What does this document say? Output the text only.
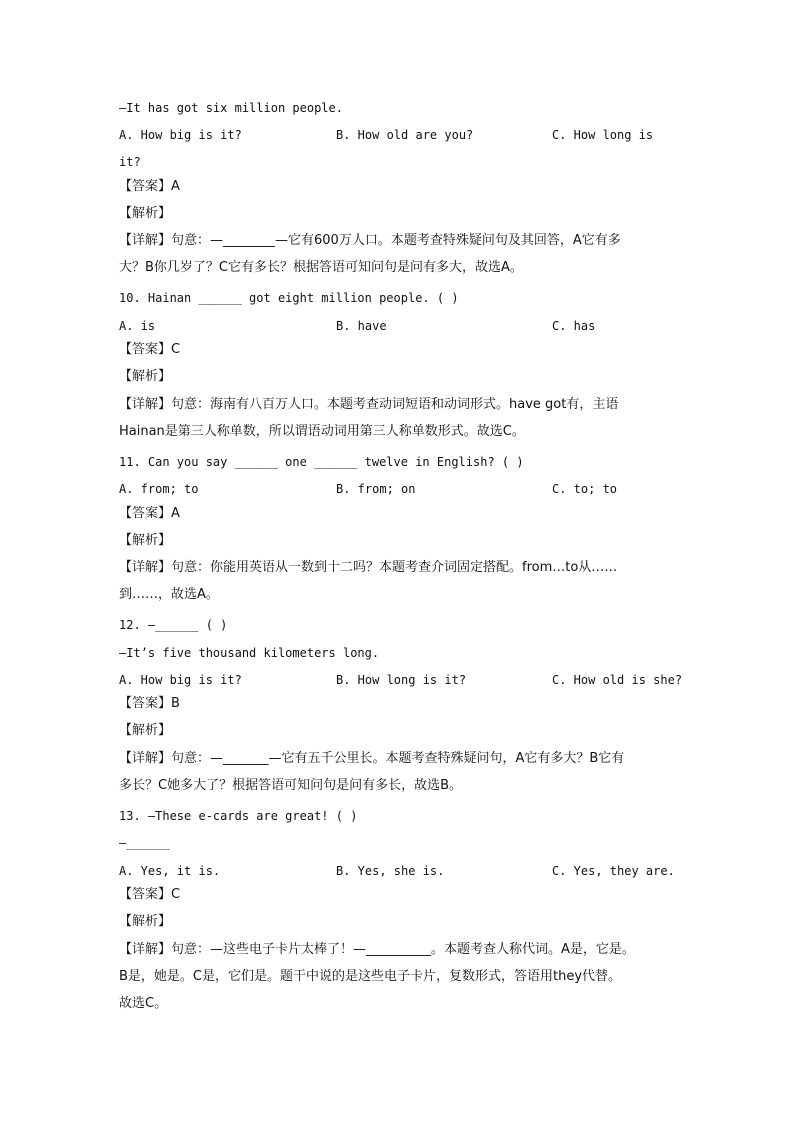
—It has got six million people.
A. How big is it?	B. How old are you?	C. How long is
it?
【答案】A
【解析】
【详解】句意：—________—它有600万人口。本题考查特殊疑问句及其回答，A它有多
大？B你几岁了？C它有多长？根据答语可知问句是问有多大，故选A。
10. Hainan ______ got eight million people. ( )
A. is	B. have	C. has
【答案】C
【解析】
【详解】句意：海南有八百万人口。本题考查动词短语和动词形式。have got有，主语
Hainan是第三人称单数，所以谓语动词用第三人称单数形式。故选C。
11. Can you say ______ one ______ twelve in English? ( )
A. from; to	B. from; on	C. to; to
【答案】A
【解析】
【详解】句意：你能用英语从一数到十二吗？本题考查介词固定搭配。from…to从……
到……，故选A。
12. —______ ( )
—It’s five thousand kilometers long.
A. How big is it?	B. How long is it?	C. How old is she?
【答案】B
【解析】
【详解】句意：—_______—它有五千公里长。本题考查特殊疑问句，A它有多大？B它有
多长？C她多大了？根据答语可知问句是问有多长，故选B。
13. —These e-cards are great! ( )
—______
A. Yes, it is.	B. Yes, she is.	C. Yes, they are.
【答案】C
【解析】
【详解】句意：—这些电子卡片太棒了！—__________。本题考查人称代词。A是，它是。
B是，她是。C是，它们是。题干中说的是这些电子卡片，复数形式，答语用they代替。
故选C。
